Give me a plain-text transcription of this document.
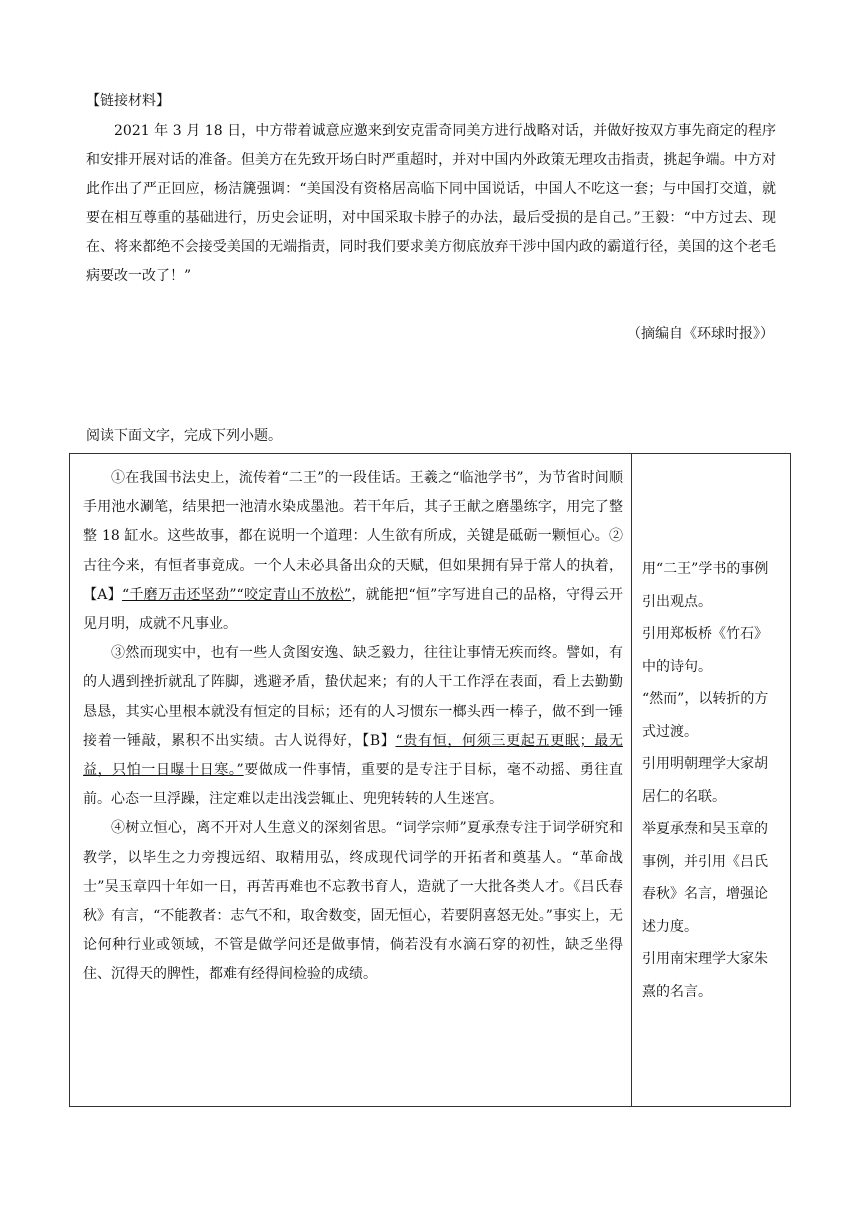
【链接材料】
2021 年 3 月 18 日，中方带着诚意应邀来到安克雷奇同美方进行战略对话，并做好按双方事先商定的程序和安排开展对话的准备。但美方在先致开场白时严重超时，并对中国内外政策无理攻击指责，挑起争端。中方对此作出了严正回应，杨洁篪强调：“美国没有资格居高临下同中国说话，中国人不吃这一套；与中国打交道，就要在相互尊重的基础进行，历史会证明，对中国采取卡脖子的办法，最后受损的是自己。”王毅：“中方过去、现在、将来都绝不会接受美国的无端指责，同时我们要求美方彻底放弃干涉中国内政的霸道行径，美国的这个老毛病要改一改了！”
（摘编自《环球时报》）
阅读下面文字，完成下列小题。

①在我国书法史上，流传着“二王”的一段佳话。王羲之“临池学书”，为节省时间顺手用池水涮笔，结果把一池清水染成墨池。若干年后，其子王献之磨墨练字，用完了整整 18 缸水。这些故事，都在说明一个道理：人生欲有所成，关键是砥砺一颗恒心。②古往今来，有恒者事竟成。一个人未必具备出众的天赋，但如果拥有异于常人的执着，【A】“千磨万击还坚劲”“咬定青山不放松”，就能把“恒”字写进自己的品格，守得云开见月明，成就不凡事业。

③然而现实中，也有一些人贪图安逸、缺乏毅力，往往让事情无疾而终。譬如，有的人遇到挫折就乱了阵脚，逃避矛盾，蛰伏起来；有的人干工作浮在表面，看上去勤勤恳恳，其实心里根本就没有恒定的目标；还有的人习惯东一榔头西一棒子，做不到一锤接着一锤敲，累积不出实绩。古人说得好，【B】“贵有恒，何须三更起五更眠；最无益，只怕一日曝十日寒。”要做成一件事情，重要的是专注于目标，毫不动摇、勇往直前。心态一旦浮躁，注定难以走出浅尝辄止、兜兜转转的人生迷宫。

④树立恒心，离不开对人生意义的深刻省思。“词学宗师”夏承焘专注于词学研究和教学，以毕生之力旁搜远绍、取精用弘，终成现代词学的开拓者和奠基人。“革命战士”吴玉章四十年如一日，再苦再难也不忘教书育人，造就了一大批各类人才。《吕氏春秋》有言，“不能教者：志气不和，取舍数变，固无恒心，若要阴喜怒无处。”事实上，无论何种行业或领域，不管是做学问还是做事情，倘若没有水滴石穿的初性，缺乏坐得住、沉得天的脾性，都难有经得间检验的成绩。

用“二王”学书的事例
引出观点。
引用郑板桥《竹石》
中的诗句。
“然而”，以转折的方
式过渡。
引用明朝理学大家胡
居仁的名联。
举夏承焘和吴玉章的
事例，并引用《吕氏
春秋》名言，增强论
述力度。
引用南宋理学大家朱
熹的名言。
